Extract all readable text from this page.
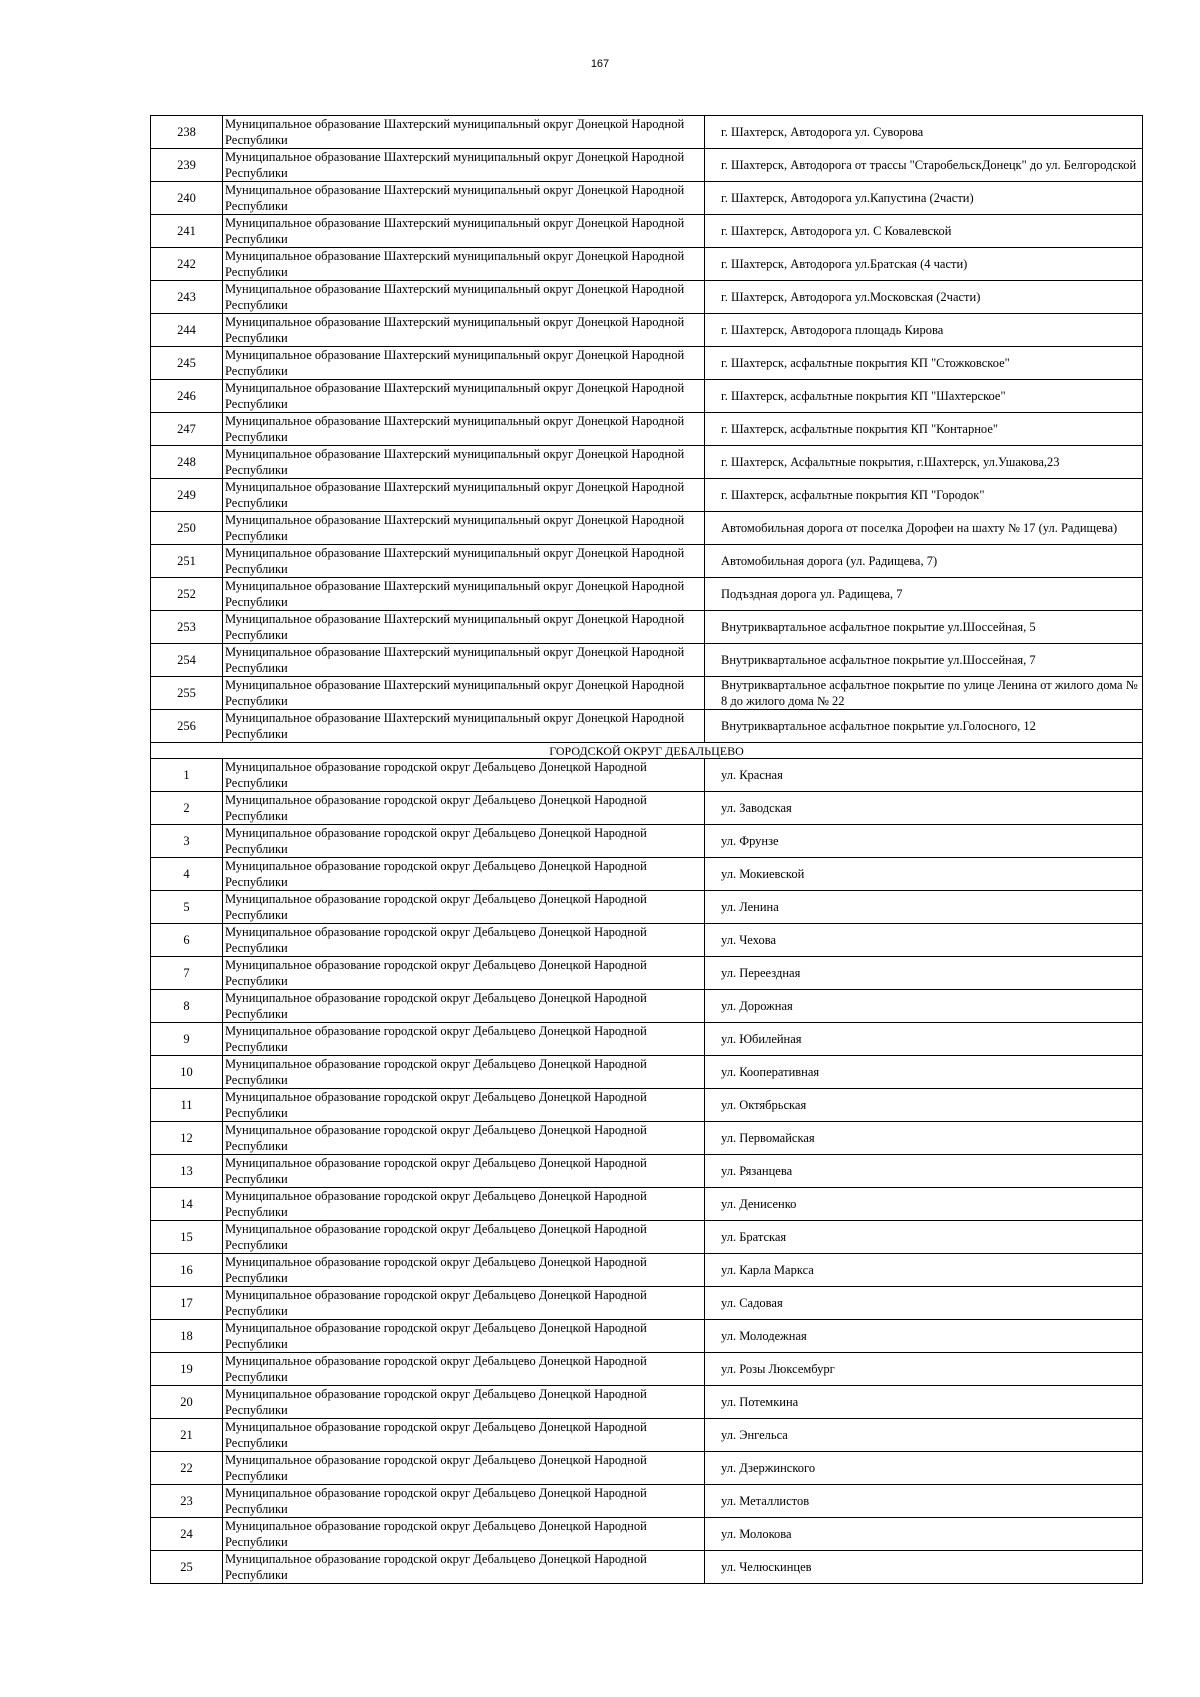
167
238	Муниципальное образование Шахтерский муниципальный округ Донецкой Народной Республики	г. Шахтерск, Автодорога ул. Суворова
239	Муниципальное образование Шахтерский муниципальный округ Донецкой Народной Республики	г. Шахтерск, Автодорога от трассы "СтаробельскДонецк" до ул. Белгородской
240	Муниципальное образование Шахтерский муниципальный округ Донецкой Народной Республики	г. Шахтерск, Автодорога ул.Капустина (2части)
241	Муниципальное образование Шахтерский муниципальный округ Донецкой Народной Республики	г. Шахтерск, Автодорога ул. С Ковалевской
242	Муниципальное образование Шахтерский муниципальный округ Донецкой Народной Республики	г. Шахтерск, Автодорога ул.Братская (4 части)
243	Муниципальное образование Шахтерский муниципальный округ Донецкой Народной Республики	г. Шахтерск, Автодорога ул.Московская (2части)
244	Муниципальное образование Шахтерский муниципальный округ Донецкой Народной Республики	г. Шахтерск, Автодорога площадь Кирова
245	Муниципальное образование Шахтерский муниципальный округ Донецкой Народной Республики	г. Шахтерск, асфальтные покрытия КП "Стожковское"
246	Муниципальное образование Шахтерский муниципальный округ Донецкой Народной Республики	г. Шахтерск, асфальтные покрытия КП "Шахтерское"
247	Муниципальное образование Шахтерский муниципальный округ Донецкой Народной Республики	г. Шахтерск, асфальтные покрытия КП "Контарное"
248	Муниципальное образование Шахтерский муниципальный округ Донецкой Народной Республики	г. Шахтерск, Асфальтные покрытия, г.Шахтерск, ул.Ушакова,23
249	Муниципальное образование Шахтерский муниципальный округ Донецкой Народной Республики	г. Шахтерск, асфальтные покрытия КП "Городок"
250	Муниципальное образование Шахтерский муниципальный округ Донецкой Народной Республики	Автомобильная дорога от поселка Дорофеи на шахту № 17 (ул. Радищева)
251	Муниципальное образование Шахтерский муниципальный округ Донецкой Народной Республики	Автомобильная дорога (ул. Радищева, 7)
252	Муниципальное образование Шахтерский муниципальный округ Донецкой Народной Республики	Подъздная дорога ул. Радищева, 7
253	Муниципальное образование Шахтерский муниципальный округ Донецкой Народной Республики	Внутриквартальное асфальтное покрытие ул.Шоссейная, 5
254	Муниципальное образование Шахтерский муниципальный округ Донецкой Народной Республики	Внутриквартальное асфальтное покрытие ул.Шоссейная, 7
255	Муниципальное образование Шахтерский муниципальный округ Донецкой Народной Республики	Внутриквартальное асфальтное покрытие по улице Ленина от жилого дома № 8 до жилого дома № 22
256	Муниципальное образование Шахтерский муниципальный округ Донецкой Народной Республики	Внутриквартальное асфальтное покрытие ул.Голосного, 12
ГОРОДСКОЙ ОКРУГ ДЕБАЛЬЦЕВО		
1	Муниципальное образование городской округ Дебальцево Донецкой Народной Республики	ул. Красная
2	Муниципальное образование городской округ Дебальцево Донецкой Народной Республики	ул. Заводская
3	Муниципальное образование городской округ Дебальцево Донецкой Народной Республики	ул. Фрунзе
4	Муниципальное образование городской округ Дебальцево Донецкой Народной Республики	ул. Мокиевской
5	Муниципальное образование городской округ Дебальцево Донецкой Народной Республики	ул. Ленина
6	Муниципальное образование городской округ Дебальцево Донецкой Народной Республики	ул. Чехова
7	Муниципальное образование городской округ Дебальцево Донецкой Народной Республики	ул. Переездная
8	Муниципальное образование городской округ Дебальцево Донецкой Народной Республики	ул. Дорожная
9	Муниципальное образование городской округ Дебальцево Донецкой Народной Республики	ул. Юбилейная
10	Муниципальное образование городской округ Дебальцево Донецкой Народной Республики	ул. Кооперативная
11	Муниципальное образование городской округ Дебальцево Донецкой Народной Республики	ул. Октябрьская
12	Муниципальное образование городской округ Дебальцево Донецкой Народной Республики	ул. Первомайская
13	Муниципальное образование городской округ Дебальцево Донецкой Народной Республики	ул. Рязанцева
14	Муниципальное образование городской округ Дебальцево Донецкой Народной Республики	ул. Денисенко
15	Муниципальное образование городской округ Дебальцево Донецкой Народной Республики	ул. Братская
16	Муниципальное образование городской округ Дебальцево Донецкой Народной Республики	ул. Карла Маркса
17	Муниципальное образование городской округ Дебальцево Донецкой Народной Республики	ул. Садовая
18	Муниципальное образование городской округ Дебальцево Донецкой Народной Республики	ул. Молодежная
19	Муниципальное образование городской округ Дебальцево Донецкой Народной Республики	ул. Розы Люксембург
20	Муниципальное образование городской округ Дебальцево Донецкой Народной Республики	ул. Потемкина
21	Муниципальное образование городской округ Дебальцево Донецкой Народной Республики	ул. Энгельса
22	Муниципальное образование городской округ Дебальцево Донецкой Народной Республики	ул. Дзержинского
23	Муниципальное образование городской округ Дебальцево Донецкой Народной Республики	ул. Металлистов
24	Муниципальное образование городской округ Дебальцево Донецкой Народной Республики	ул. Молокова
25	Муниципальное образование городской округ Дебальцево Донецкой Народной Республики	ул. Челюскинцев
